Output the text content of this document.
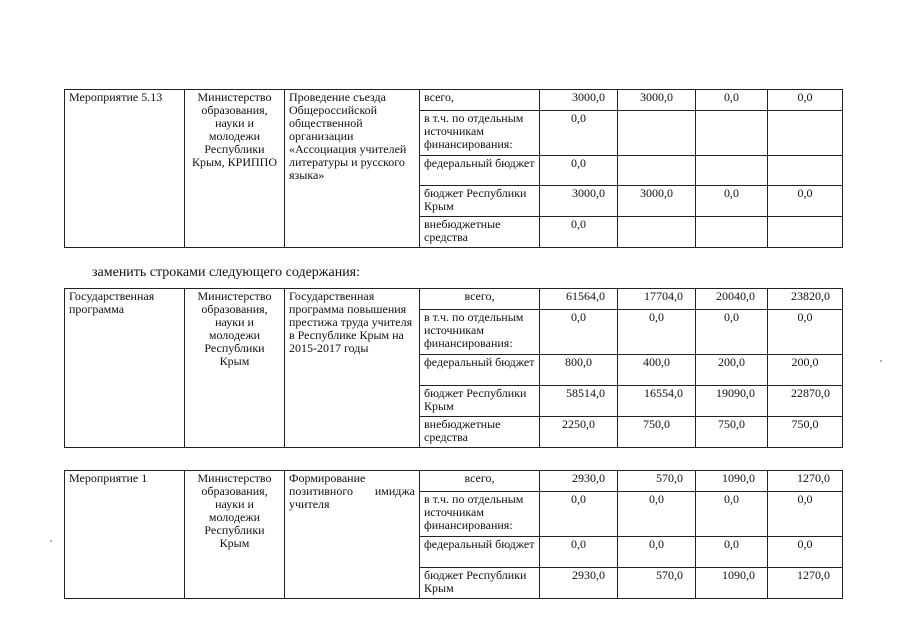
Мероприятие 5.13	Министерство образования, науки и молодежи Республики Крым, КРИППО	Проведение съезда Общероссийской общественной организации «Ассоциация учителей литературы и русского языка»	всего,	3000,0	3000,0	0,0	0,0
			в т.ч. по отдельным источникам финансирования:	0,0			
			федеральный бюджет	0,0			
			бюджет Республики Крым	3000,0	3000,0	0,0	0,0
			внебюджетные средства	0,0			
заменить строками следующего содержания:
Государственная программа	Министерство образования, науки и молодежи Республики Крым	Государственная программа повышения престижа труда учителя в Республике Крым на 2015-2017 годы	всего,	61564,0	17704,0	20040,0	23820,0
			в т.ч. по отдельным источникам финансирования:	0,0	0,0	0,0	0,0
			федеральный бюджет	800,0	400,0	200,0	200,0
			бюджет Республики Крым	58514,0	16554,0	19090,0	22870,0
			внебюджетные средства	2250,0	750,0	750,0	750,0
Мероприятие 1	Министерство образования, науки и молодежи Республики Крым	Формирование позитивного имиджа учителя	всего,	2930,0	570,0	1090,0	1270,0
			в т.ч. по отдельным источникам финансирования:	0,0	0,0	0,0	0,0
			федеральный бюджет	0,0	0,0	0,0	0,0
			бюджет Республики Крым	2930,0	570,0	1090,0	1270,0
